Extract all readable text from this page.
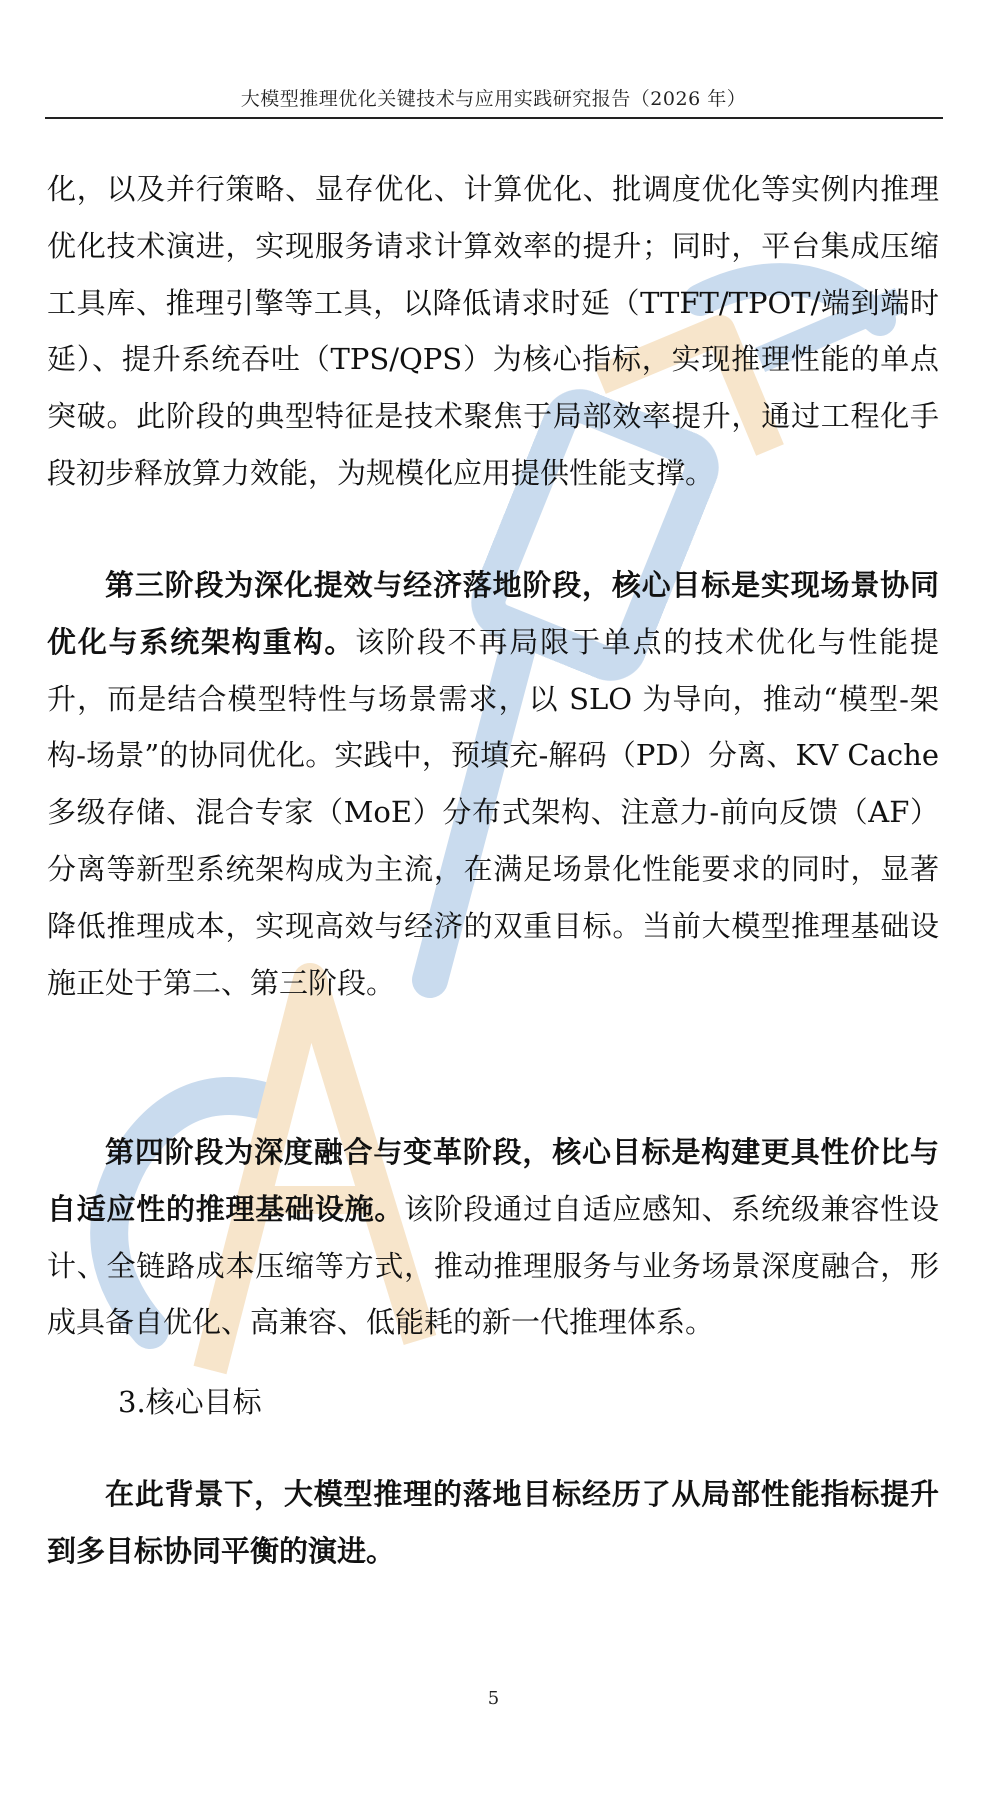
CAICT 中国信通院
大模型推理优化关键技术与应用实践研究报告（2026 年）
化，以及并行策略、显存优化、计算优化、批调度优化等实例内推理优化技术演进，实现服务请求计算效率的提升；同时，平台集成压缩工具库、推理引擎等工具，以降低请求时延（TTFT/TPOT/端到端时延）、提升系统吞吐（TPS/QPS）为核心指标，实现推理性能的单点突破。此阶段的典型特征是技术聚焦于局部效率提升，通过工程化手段初步释放算力效能，为规模化应用提供性能支撑。
第三阶段为深化提效与经济落地阶段，核心目标是实现场景协同优化与系统架构重构。该阶段不再局限于单点的技术优化与性能提升，而是结合模型特性与场景需求，以 SLO 为导向，推动“模型-架构-场景”的协同优化。实践中，预填充-解码（PD）分离、KV Cache 多级存储、混合专家（MoE）分布式架构、注意力-前向反馈（AF）分离等新型系统架构成为主流，在满足场景化性能要求的同时，显著降低推理成本，实现高效与经济的双重目标。当前大模型推理基础设施正处于第二、第三阶段。
第四阶段为深度融合与变革阶段，核心目标是构建更具性价比与自适应性的推理基础设施。该阶段通过自适应感知、系统级兼容性设计、全链路成本压缩等方式，推动推理服务与业务场景深度融合，形成具备自优化、高兼容、低能耗的新一代推理体系。
3.核心目标
在此背景下，大模型推理的落地目标经历了从局部性能指标提升到多目标协同平衡的演进。
5
